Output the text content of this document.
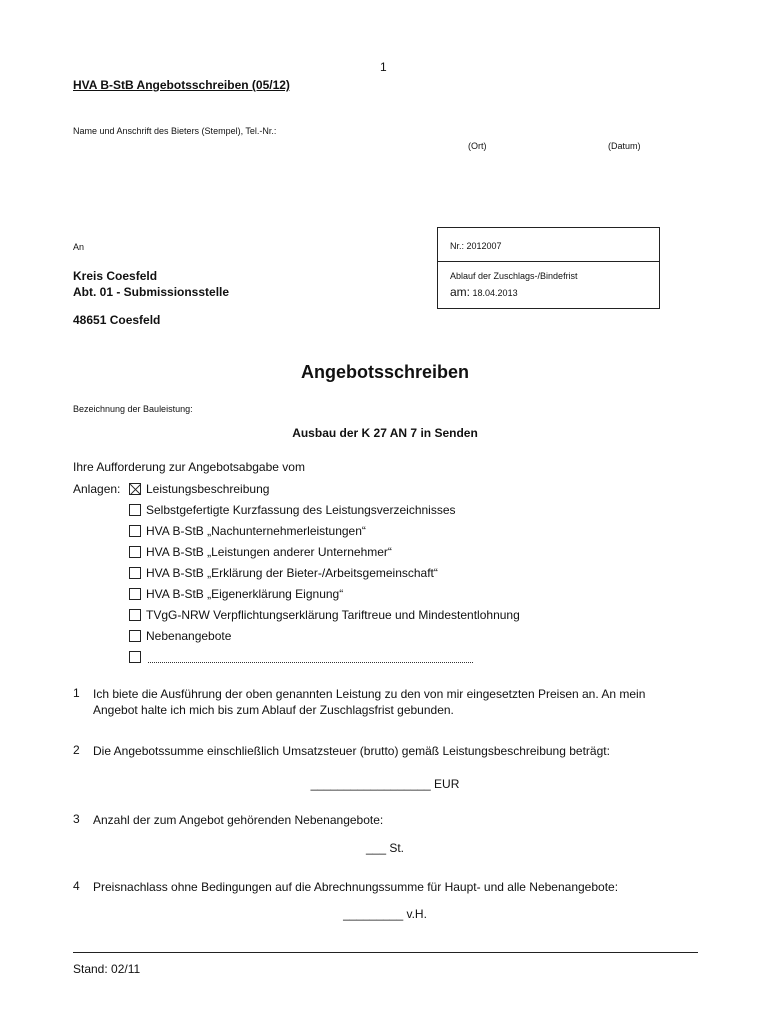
1
HVA B-StB Angebotsschreiben (05/12)
Name und Anschrift des Bieters (Stempel), Tel.-Nr.:
(Ort)	(Datum)
An
Kreis Coesfeld
Abt. 01 - Submissionsstelle
48651 Coesfeld
Nr.: 2012007
Ablauf der Zuschlags-/Bindefrist
am: 18.04.2013
Angebotsschreiben
Bezeichnung der Bauleistung:
Ausbau der K 27 AN 7 in Senden
Ihre Aufforderung zur Angebotsabgabe vom
Anlagen: Leistungsbeschreibung
Selbstgefertigte Kurzfassung des Leistungsverzeichnisses
HVA B-StB „Nachunternehmerleistungen“
HVA B-StB „Leistungen anderer Unternehmer“
HVA B-StB „Erklärung der Bieter-/Arbeitsgemeinschaft“
HVA B-StB „Eigenerklärung Eignung“
TVgG-NRW Verpflichtungserklärung Tariftreue und Mindestentlohnung
Nebenangebote
1 Ich biete die Ausführung der oben genannten Leistung zu den von mir eingesetzten Preisen an. An mein
Angebot halte ich mich bis zum Ablauf der Zuschlagsfrist gebunden.
2 Die Angebotssumme einschließlich Umsatzsteuer (brutto) gemäß Leistungsbeschreibung beträgt:
__________________ EUR
3 Anzahl der zum Angebot gehörenden Nebenangebote:
___ St.
4 Preisnachlass ohne Bedingungen auf die Abrechnungssumme für Haupt- und alle Nebenangebote:
_________ v.H.
Stand: 02/11
